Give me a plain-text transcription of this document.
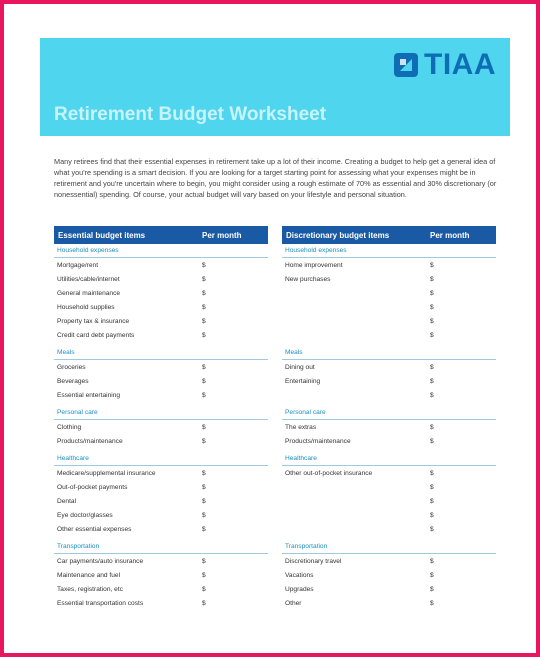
TIAA
Retirement Budget Worksheet

Many retirees find that their essential expenses in retirement take up a lot of their income. Creating a budget to help get a general idea of what you're spending is a smart decision. If you are looking for a target starting point for assessing what your expenses might be in retirement and you're uncertain where to begin, you might consider using a rough estimate of 70% as essential and 30% discretionary (or nonessential) spending. Of course, your actual budget will vary based on your lifestyle and personal situation.

Essential budget items	Per month
Household expenses
Mortgage/rent	$
Utilities/cable/internet	$
General maintenance	$
Household supplies	$
Property tax & insurance	$
Credit card debt payments	$
Meals
Groceries	$
Beverages	$
Essential entertaining	$
Personal care
Clothing	$
Products/maintenance	$
Healthcare
Medicare/supplemental insurance	$
Out-of-pocket payments	$
Dental	$
Eye doctor/glasses	$
Other essential expenses	$
Transportation
Car payments/auto insurance	$
Maintenance and fuel	$
Taxes, registration, etc	$
Essential transportation costs	$
Discretionary budget items	Per month
Household expenses
Home improvement	$
New purchases	$
$
$
$
$
Meals
Dining out	$
Entertaining	$
$
Personal care
The extras	$
Products/maintenance	$
Healthcare
Other out-of-pocket insurance	$
$
$
$
$
Transportation
Discretionary travel	$
Vacations	$
Upgrades	$
Other	$
